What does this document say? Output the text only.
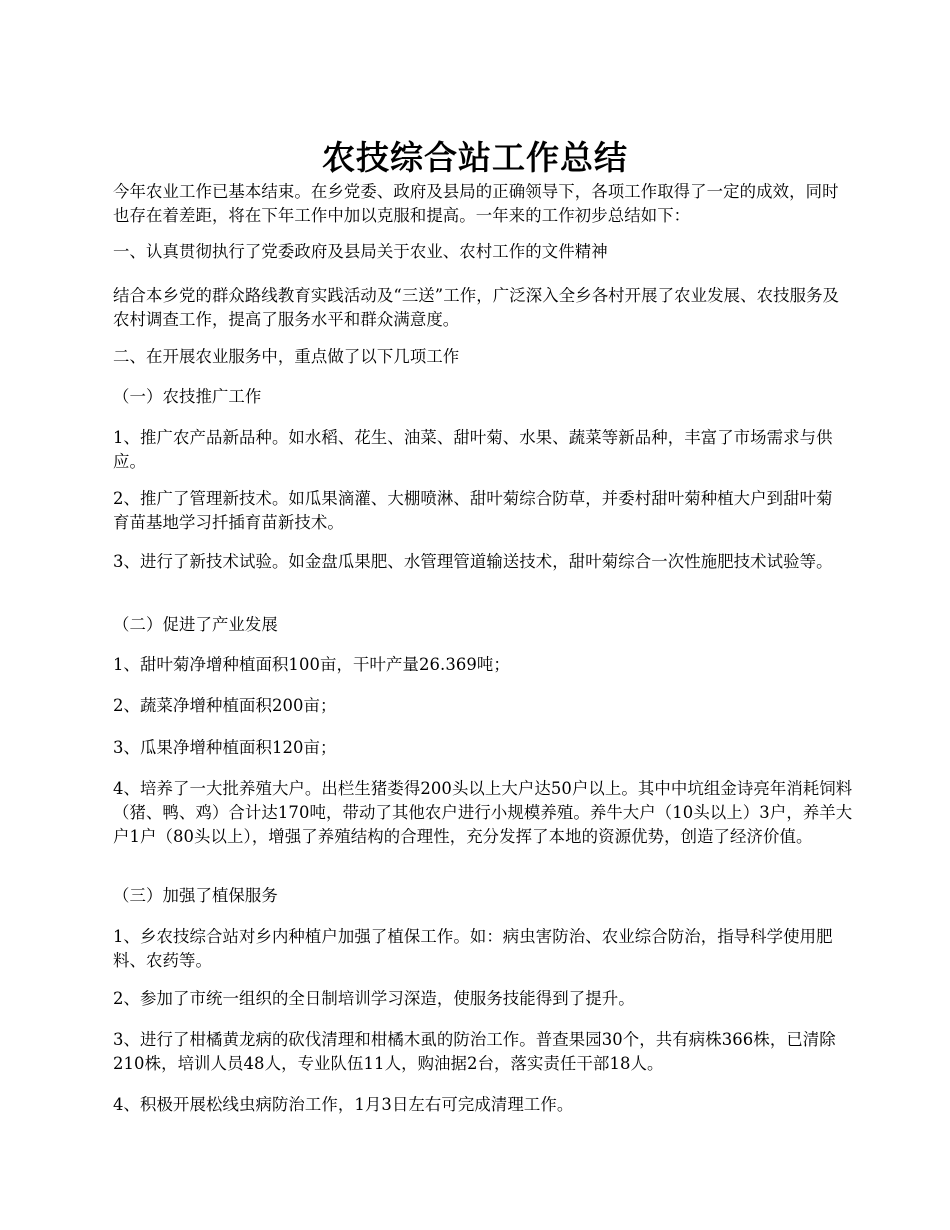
农技综合站工作总结

今年农业工作已基本结束。在乡党委、政府及县局的正确领导下，各项工作取得了一定的成效，同时也存在着差距，将在下年工作中加以克服和提高。一年来的工作初步总结如下：

一、认真贯彻执行了党委政府及县局关于农业、农村工作的文件精神

结合本乡党的群众路线教育实践活动及“三送”工作，广泛深入全乡各村开展了农业发展、农技服务及农村调查工作，提高了服务水平和群众满意度。

二、在开展农业服务中，重点做了以下几项工作

（一）农技推广工作

1、推广农产品新品种。如水稻、花生、油菜、甜叶菊、水果、蔬菜等新品种，丰富了市场需求与供应。

2、推广了管理新技术。如瓜果滴灌、大棚喷淋、甜叶菊综合防草，并委村甜叶菊种植大户到甜叶菊育苗基地学习扦插育苗新技术。

3、进行了新技术试验。如金盘瓜果肥、水管理管道输送技术，甜叶菊综合一次性施肥技术试验等。

（二）促进了产业发展

1、甜叶菊净增种植面积100亩，干叶产量26.369吨；

2、蔬菜净增种植面积200亩；

3、瓜果净增种植面积120亩；

4、培养了一大批养殖大户。出栏生猪娄得200头以上大户达50户以上。其中中坑组金诗亮年消耗饲料（猪、鸭、鸡）合计达170吨，带动了其他农户进行小规模养殖。养牛大户（10头以上）3户，养羊大户1户（80头以上），增强了养殖结构的合理性，充分发挥了本地的资源优势，创造了经济价值。

（三）加强了植保服务

1、乡农技综合站对乡内种植户加强了植保工作。如：病虫害防治、农业综合防治，指导科学使用肥料、农药等。

2、参加了市统一组织的全日制培训学习深造，使服务技能得到了提升。

3、进行了柑橘黄龙病的砍伐清理和柑橘木虱的防治工作。普查果园30个，共有病株366株，已清除210株，培训人员48人，专业队伍11人，购油据2台，落实责任干部18人。

4、积极开展松线虫病防治工作，1月3日左右可完成清理工作。
